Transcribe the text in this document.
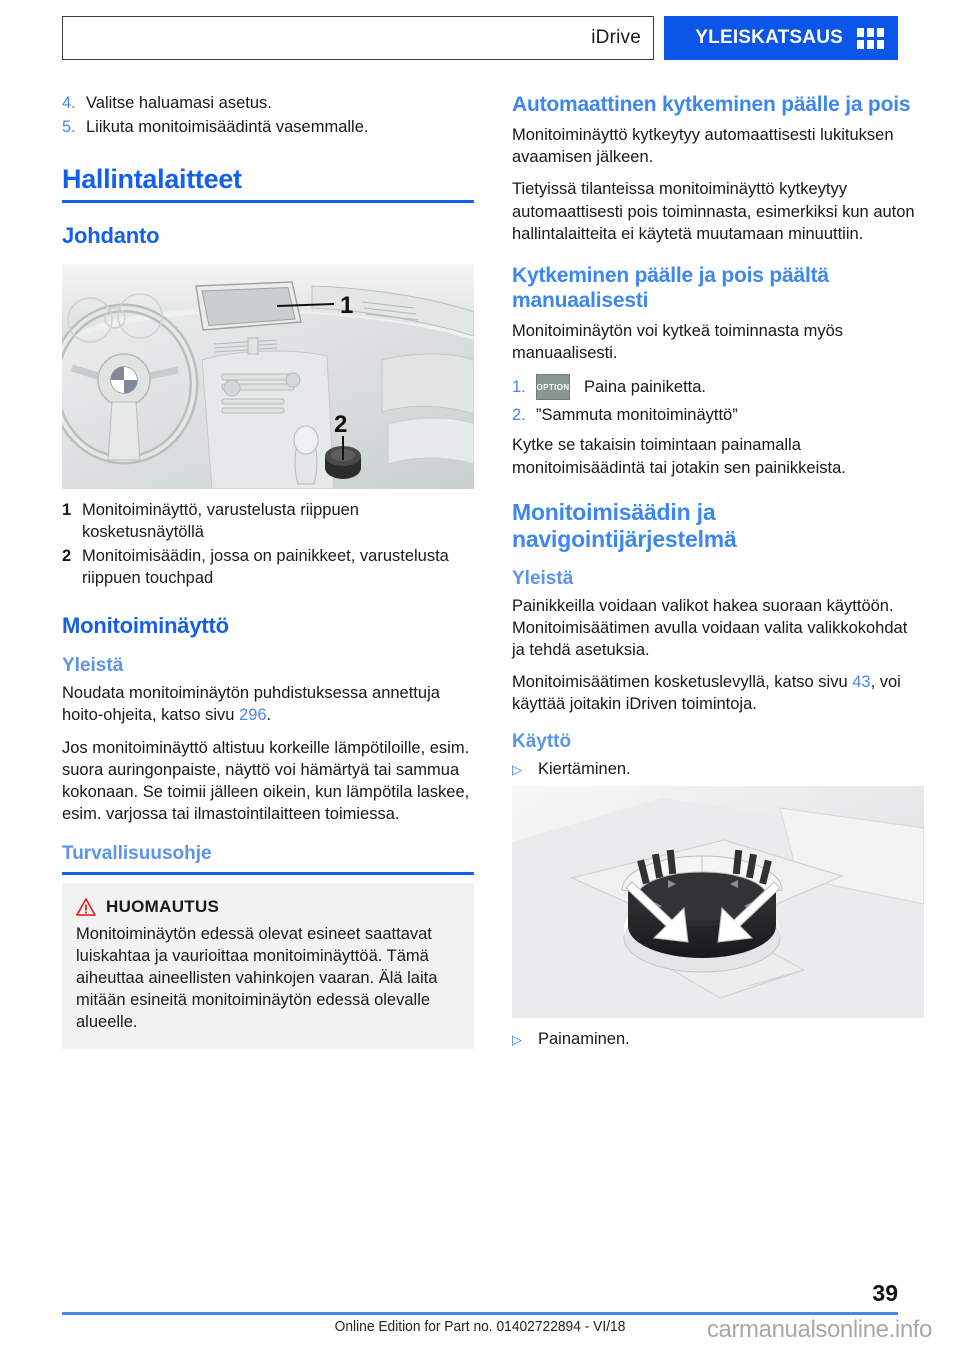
iDrive	YLEISKATSAUS
4. Valitse haluamasi asetus.
5. Liikuta monitoimisäädintä vasemmalle.
Hallintalaitteet
Johdanto
1
2
1 Monitoiminäyttö, varustelusta riippuen kosketusnäytöllä
2 Monitoimisäädin, jossa on painikkeet, varustelusta riippuen touchpad
Monitoiminäyttö
Yleistä

Noudata monitoiminäytön puhdistuksessa annettuja hoito-ohjeita, katso sivu 296.

Jos monitoiminäyttö altistuu korkeille lämpötiloille, esim. suora auringonpaiste, näyttö voi hämärtyä tai sammua kokonaan. Se toimii jälleen oikein, kun lämpötila laskee, esim. varjossa tai ilmastointilaitteen toimiessa.

Turvallisuusohje
HUOMAUTUS
Monitoiminäytön edessä olevat esineet saattavat luiskahtaa ja vaurioittaa monitoiminäyttöä. Tämä aiheuttaa aineellisten vahinkojen vaaran. Älä laita mitään esineitä monitoiminäytön edessä olevalle alueelle.
Automaattinen kytkeminen päälle ja pois

Monitoiminäyttö kytkeytyy automaattisesti lukituksen avaamisen jälkeen.

Tietyissä tilanteissa monitoiminäyttö kytkeytyy automaattisesti pois toiminnasta, esimerkiksi kun auton hallintalaitteita ei käytetä muutamaan minuuttiin.

Kytkeminen päälle ja pois päältä manuaalisesti

Monitoiminäytön voi kytkeä toiminnasta myös manuaalisesti.

1.	OPTION Paina painiketta.
2. ”Sammuta monitoiminäyttö”

Kytke se takaisin toimintaan painamalla monitoimisäädintä tai jotakin sen painikkeista.

Monitoimisäädin ja navigointijärjestelmä
Yleistä

Painikkeilla voidaan valikot hakea suoraan käyttöön. Monitoimisäätimen avulla voidaan valita valikkokohdat ja tehdä asetuksia.

Monitoimisäätimen kosketuslevyllä, katso sivu 43, voi käyttää joitakin iDriven toimintoja.

Käyttö
▷ Kiertäminen.
▷ Painaminen.
39
Online Edition for Part no. 01402722894 - VI/18	carmanualsonline.info
